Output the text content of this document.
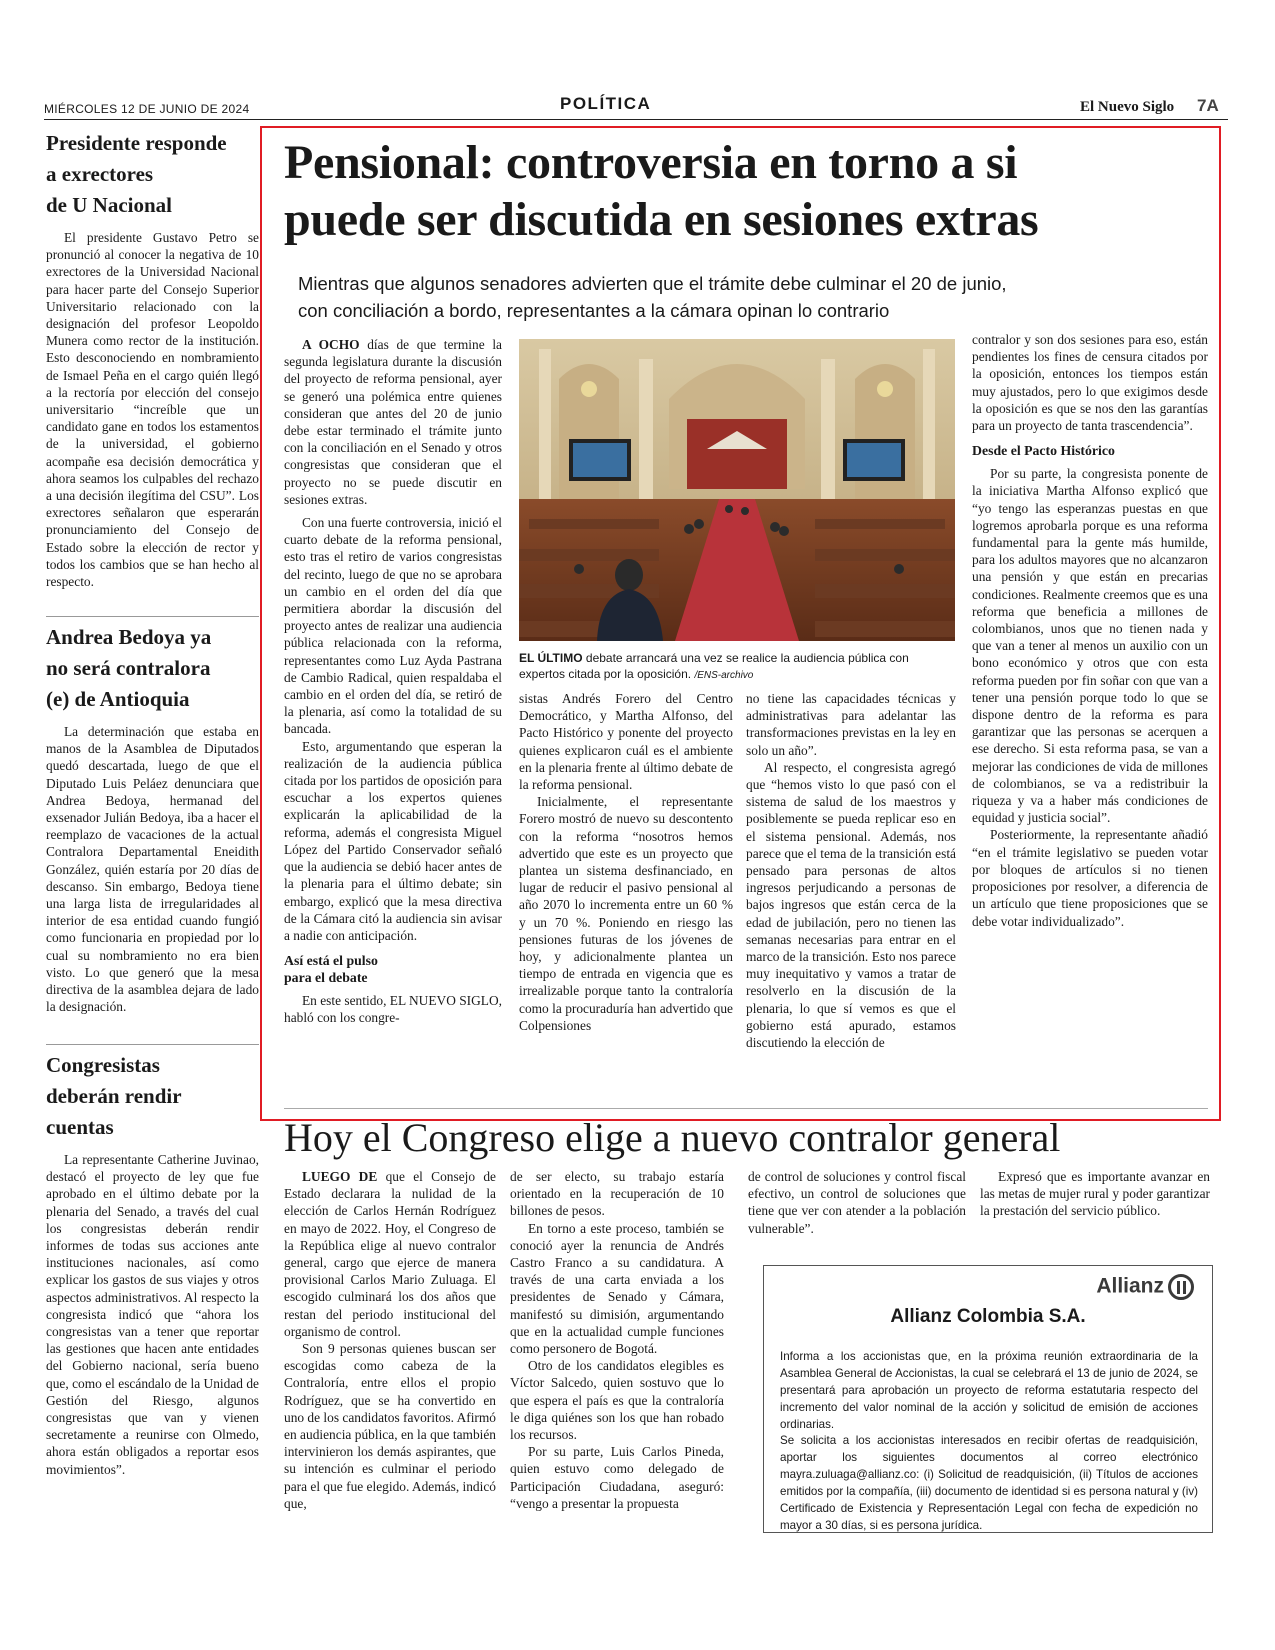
MIÉRCOLES 12 DE JUNIO DE 2024	POLÍTICA	El Nuevo Siglo 7A
Presidente responde
a exrectores
de U Nacional

El presidente Gustavo Petro se pronunció al conocer la negativa de 10 exrectores de la Universidad Nacional para hacer parte del Consejo Superior Universitario relacionado con la designación del profesor Leopoldo Munera como rector de la institución. Esto desconociendo en nombramiento de Ismael Peña en el cargo quién llegó a la rectoría por elección del consejo universitario “increíble que un candidato gane en todos los estamentos de la universidad, el gobierno acompañe esa decisión democrática y ahora seamos los culpables del rechazo a una decisión ilegítima del CSU”. Los exrectores señalaron que esperarán pronunciamiento del Consejo de Estado sobre la elección de rector y todos los cambios que se han hecho al respecto.

Andrea Bedoya ya
no será contralora
(e) de Antioquia

La determinación que estaba en manos de la Asamblea de Diputados quedó descartada, luego de que el Diputado Luis Peláez denunciara que Andrea Bedoya, hermanad del exsenador Julián Bedoya, iba a hacer el reemplazo de vacaciones de la actual Contralora Departamental Eneidith González, quién estaría por 20 días de descanso. Sin embargo, Bedoya tiene una larga lista de irregularidades al interior de esa entidad cuando fungió como funcionaria en propiedad por lo cual su nombramiento no era bien visto. Lo que generó que la mesa directiva de la asamblea dejara de lado la designación.

Congresistas
deberán rendir
cuentas

La representante Catherine Juvinao, destacó el proyecto de ley que fue aprobado en el último debate por la plenaria del Senado, a través del cual los congresistas deberán rendir informes de todas sus acciones ante instituciones nacionales, así como explicar los gastos de sus viajes y otros aspectos administrativos. Al respecto la congresista indicó que “ahora los congresistas van a tener que reportar las gestiones que hacen ante entidades del Gobierno nacional, sería bueno que, como el escándalo de la Unidad de Gestión del Riesgo, algunos congresistas que van y vienen secretamente a reunirse con Olmedo, ahora están obligados a reportar esos movimientos”.

Pensional: controversia en torno a si
puede ser discutida en sesiones extras

Mientras que algunos senadores advierten que el trámite debe culminar el 20 de junio,
con conciliación a bordo, representantes a la cámara opinan lo contrario

A OCHO días de que termine la segunda legislatura durante la discusión del proyecto de reforma pensional, ayer se generó una polémica entre quienes consideran que antes del 20 de junio debe estar terminado el trámite junto con la conciliación en el Senado y otros congresistas que consideran que el proyecto no se puede discutir en sesiones extras.

Con una fuerte controversia, inició el cuarto debate de la reforma pensional, esto tras el retiro de varios congresistas del recinto, luego de que no se aprobara un cambio en el orden del día que permitiera abordar la discusión del proyecto antes de realizar una audiencia pública relacionada con la reforma, representantes como Luz Ayda Pastrana de Cambio Radical, quien respaldaba el cambio en el orden del día, se retiró de la plenaria, así como la totalidad de su bancada.

Esto, argumentando que esperan la realización de la audiencia pública citada por los partidos de oposición para escuchar a los expertos quienes explicarán la aplicabilidad de la reforma, además el congresista Miguel López del Partido Conservador señaló que la audiencia se debió hacer antes de la plenaria para el último debate; sin embargo, explicó que la mesa directiva de la Cámara citó la audiencia sin avisar a nadie con anticipación.

Así está el pulso
para el debate

En este sentido, EL NUEVO SIGLO, habló con los congre-

EL ÚLTIMO debate arrancará una vez se realice la audiencia pública con expertos citada por la oposición. /ENS-archivo

sistas Andrés Forero del Centro Democrático, y Martha Alfonso, del Pacto Histórico y ponente del proyecto quienes explicaron cuál es el ambiente en la plenaria frente al último debate de la reforma pensional.

Inicialmente, el representante Forero mostró de nuevo su descontento con la reforma “nosotros hemos advertido que este es un proyecto que plantea un sistema desfinanciado, en lugar de reducir el pasivo pensional al año 2070 lo incrementa entre un 60 % y un 70 %. Poniendo en riesgo las pensiones futuras de los jóvenes de hoy, y adicionalmente plantea un tiempo de entrada en vigencia que es irrealizable porque tanto la contraloría como la procuraduría han advertido que Colpensiones

no tiene las capacidades técnicas y administrativas para adelantar las transformaciones previstas en la ley en solo un año”.

Al respecto, el congresista agregó que “hemos visto lo que pasó con el sistema de salud de los maestros y posiblemente se pueda replicar eso en el sistema pensional. Además, nos parece que el tema de la transición está pensado para personas de altos ingresos perjudicando a personas de bajos ingresos que están cerca de la edad de jubilación, pero no tienen las semanas necesarias para entrar en el marco de la transición. Esto nos parece muy inequitativo y vamos a tratar de resolverlo en la discusión de la plenaria, lo que sí vemos es que el gobierno está apurado, estamos discutiendo la elección de

contralor y son dos sesiones para eso, están pendientes los fines de censura citados por la oposición, entonces los tiempos están muy ajustados, pero lo que exigimos desde la oposición es que se nos den las garantías para un proyecto de tanta trascendencia”.

Desde el Pacto Histórico

Por su parte, la congresista ponente de la iniciativa Martha Alfonso explicó que “yo tengo las esperanzas puestas en que logremos aprobarla porque es una reforma fundamental para la gente más humilde, para los adultos mayores que no alcanzaron una pensión y que están en precarias condiciones. Realmente creemos que es una reforma que beneficia a millones de colombianos, unos que no tienen nada y que van a tener al menos un auxilio con un bono económico y otros que con esta reforma pueden por fin soñar con que van a tener una pensión porque todo lo que se dispone dentro de la reforma es para garantizar que las personas se acerquen a ese derecho. Si esta reforma pasa, se van a mejorar las condiciones de vida de millones de colombianos, se va a redistribuir la riqueza y va a haber más condiciones de equidad y justicia social”.

Posteriormente, la representante añadió “en el trámite legislativo se pueden votar por bloques de artículos si no tienen proposiciones por resolver, a diferencia de un artículo que tiene proposiciones que se debe votar individualizado”.

Hoy el Congreso elige a nuevo contralor general

LUEGO DE que el Consejo de Estado declarara la nulidad de la elección de Carlos Hernán Rodríguez en mayo de 2022. Hoy, el Congreso de la República elige al nuevo contralor general, cargo que ejerce de manera provisional Carlos Mario Zuluaga. El escogido culminará los dos años que restan del periodo institucional del organismo de control.

Son 9 personas quienes buscan ser escogidas como cabeza de la Contraloría, entre ellos el propio Rodríguez, que se ha convertido en uno de los candidatos favoritos. Afirmó en audiencia pública, en la que también intervinieron los demás aspirantes, que su intención es culminar el periodo para el que fue elegido. Además, indicó que,

de ser electo, su trabajo estaría orientado en la recuperación de 10 billones de pesos.

En torno a este proceso, también se conoció ayer la renuncia de Andrés Castro Franco a su candidatura. A través de una carta enviada a los presidentes de Senado y Cámara, manifestó su dimisión, argumentando que en la actualidad cumple funciones como personero de Bogotá.

Otro de los candidatos elegibles es Víctor Salcedo, quien sostuvo que lo que espera el país es que la contraloría le diga quiénes son los que han robado los recursos.

Por su parte, Luis Carlos Pineda, quien estuvo como delegado de Participación Ciudadana, aseguró: “vengo a presentar la propuesta

de control de soluciones y control fiscal efectivo, un control de soluciones que tiene que ver con atender a la población vulnerable”.

Expresó que es importante avanzar en las metas de mujer rural y poder garantizar la prestación del servicio público.

Allianz
Allianz Colombia S.A.

Informa a los accionistas que, en la próxima reunión extraordinaria de la Asamblea General de Accionistas, la cual se celebrará el 13 de junio de 2024, se presentará para aprobación un proyecto de reforma estatutaria respecto del incremento del valor nominal de la acción y solicitud de emisión de acciones ordinarias.

Se solicita a los accionistas interesados en recibir ofertas de readquisición, aportar los siguientes documentos al correo electrónico mayra.zuluaga@allianz.co: (i) Solicitud de readquisición, (ii) Títulos de acciones emitidos por la compañía, (iii) documento de identidad si es persona natural y (iv) Certificado de Existencia y Representación Legal con fecha de expedición no mayor a 30 días, si es persona jurídica.
